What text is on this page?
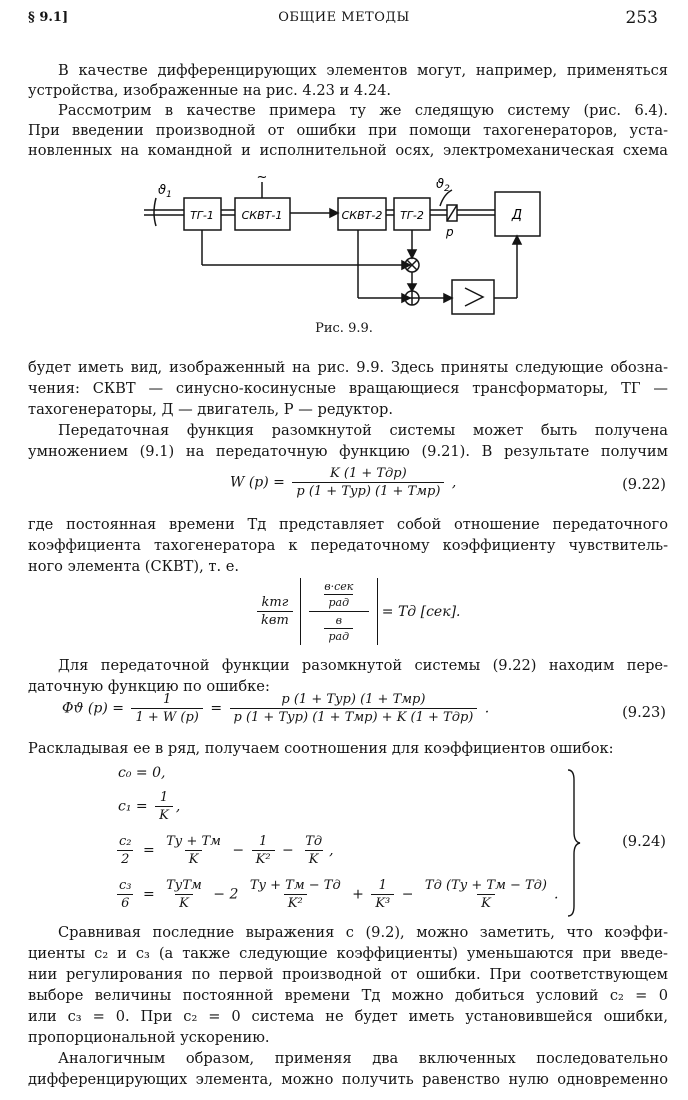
§ 9.1]	ОБЩИЕ МЕТОДЫ	253
В качестве дифференцирующих элементов могут, например, применяться
устройства, изображенные на рис. 4.23 и 4.24.
Рассмотрим в качестве примера ту же следящую систему (рис. 6.4).
При введении производной от ошибки при помощи тахогенераторов, уста-
новленных на командной и исполнительной осях, электромеханическая схема
ТГ-1	СКВТ-1	СКВТ-2 ТГ-2	Д
~
$ϑ_1$
$ϑ_2$
р
Рис. 9.9.
будет иметь вид, изображенный на рис. 9.9. Здесь приняты следующие обозна-
чения: СКВТ — синусно-косинусные вращающиеся трансформаторы, ТГ —
тахогенераторы, Д — двигатель, Р — редуктор.
Передаточная функция разомкнутой системы может быть получена
умножением (9.1) на передаточную функцию (9.21). В результате получим
W $(p) = \frac{\text{K (1 + Tдp)}}{\text{p (1 + Tуp) (1 + Tмp)}}$ ,	(9.22)
где постоянная времени Tд представляет собой отношение передаточного
коэффициента тахогенератора к передаточному коэффициенту чувствитель-
ного элемента (СКВТ), т. е.
$\frac{\text{kтг}}{\text{kвт}}$
$\frac{\text{в·сек}}{\text{рад}}$
$\frac{в}{\text{рад}}$
= Tд [сек].
Для передаточной функции разомкнутой системы (9.22) находим пере-
даточную функцию по ошибке:
Φϑ $(p) = \frac{1}{1 + W (p)} = \frac{\text{p (1 + Tуp) (1 + Tмp)}}{\text{p (1 + Tуp) (1 + Tмp) + K (1 + Tдp)}}$ .	(9.23)
Раскладывая ее в ряд, получаем соотношения для коэффициентов ошибок:
c₀ = 0,
$c_1 = \frac{1}{K}$ ,
$\frac{\text{c₂}}{2} = \frac{Tу + Tм}{K} - \frac{1}{\text{K²}} - \frac{Tд}{K}$ ,
$\frac{\text{c₃}}{6} = \frac{\text{TуTм}}{K} - 2 \frac{Tу + Tм - Tд}{\text{K²}} + \frac{1}{\text{K³}} - \frac{Tд (Tу + Tм - Tд)}{K}$ .
(9.24)
Сравнивая последние выражения с (9.2), можно заметить, что коэффи-
циенты c₂ и c₃ (а также следующие коэффициенты) уменьшаются при введе-
нии регулирования по первой производной от ошибки. При соответствующем
выборе величины постоянной времени Tд можно добиться условий c₂ = 0
или c₃ = 0. При c₂ = 0 система не будет иметь установившейся ошибки,
пропорциональной ускорению.
Аналогичным образом, применяя два включенных последовательно
дифференцирующих элемента, можно получить равенство нулю одновременно
